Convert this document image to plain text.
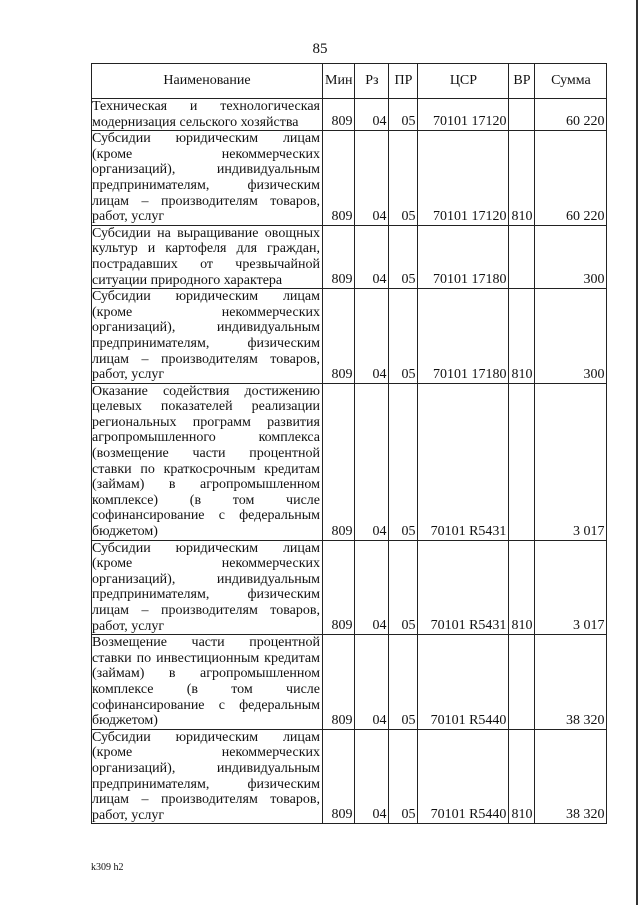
85
Наименование	Мин	Рз	ПР	ЦСР	ВР	Сумма
Техническая и технологическая модернизация сельского хозяйства	809	04	05	70101 17120		60 220
Субсидии юридическим лицам (кроме некоммерческих организаций), индивидуальным предпринимателям, физическим лицам – производителям товаров, работ, услуг	809	04	05	70101 17120	810	60 220
Субсидии на выращивание овощных культур и картофеля для граждан, пострадавших от чрезвычайной ситуации природного характера	809	04	05	70101 17180		300
Субсидии юридическим лицам (кроме некоммерческих организаций), индивидуальным предпринимателям, физическим лицам – производителям товаров, работ, услуг	809	04	05	70101 17180	810	300
Оказание содействия достижению целевых показателей реализации региональных программ развития агропромышленного комплекса (возмещение части процентной ставки по краткосрочным кредитам (займам) в агропромышленном комплексе) (в том числе софинансирование с федеральным бюджетом)	809	04	05	70101 R5431		3 017
Субсидии юридическим лицам (кроме некоммерческих организаций), индивидуальным предпринимателям, физическим лицам – производителям товаров, работ, услуг	809	04	05	70101 R5431	810	3 017
Возмещение части процентной ставки по инвестиционным кредитам (займам) в агропромышленном комплексе (в том числе софинансирование с федеральным бюджетом)	809	04	05	70101 R5440		38 320
Субсидии юридическим лицам (кроме некоммерческих организаций), индивидуальным предпринимателям, физическим лицам – производителям товаров, работ, услуг	809	04	05	70101 R5440	810	38 320
k309 h2
